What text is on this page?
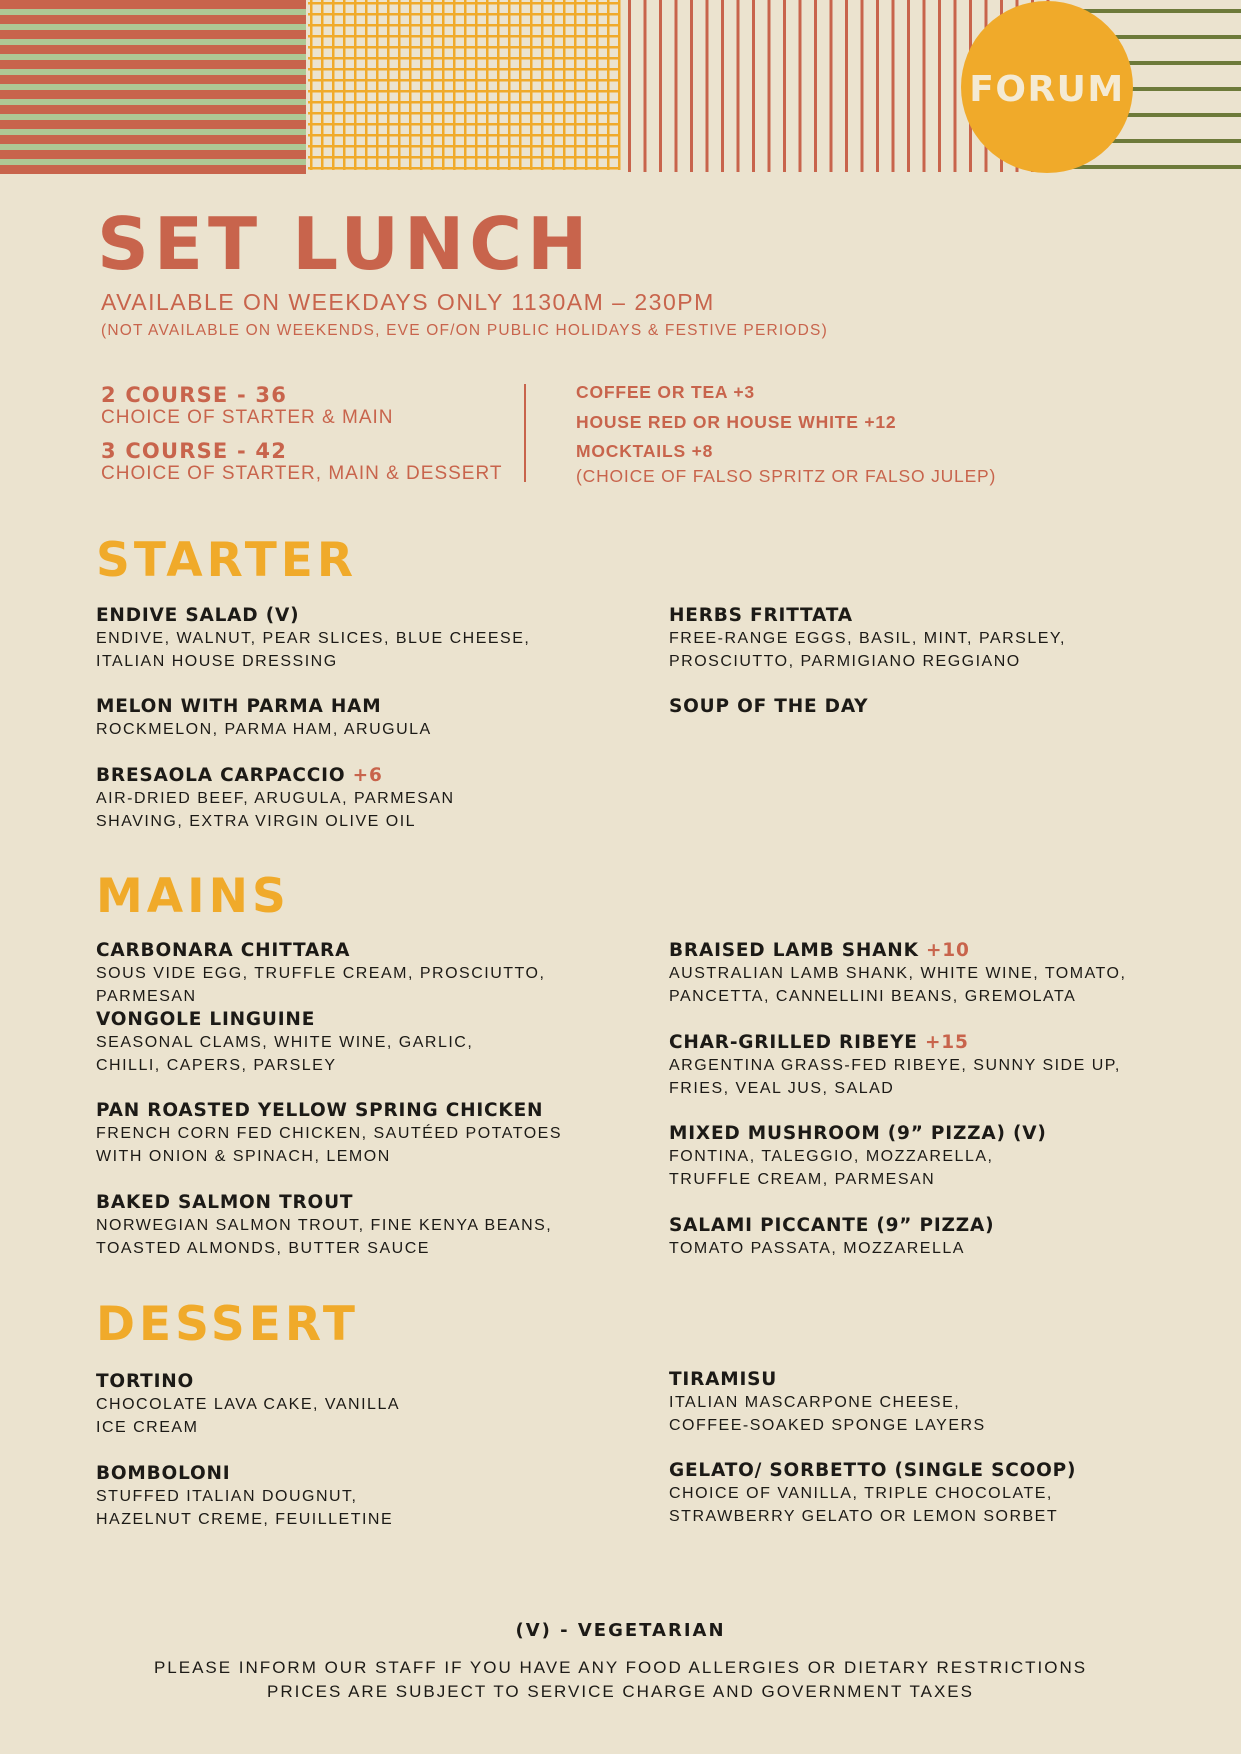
FORUM
SET LUNCH
AVAILABLE ON WEEKDAYS ONLY 1130AM – 230PM
(NOT AVAILABLE ON WEEKENDS, EVE OF/ON PUBLIC HOLIDAYS & FESTIVE PERIODS)
2 COURSE - 36
CHOICE OF STARTER & MAIN
3 COURSE - 42
CHOICE OF STARTER, MAIN & DESSERT
COFFEE OR TEA +3
HOUSE RED OR HOUSE WHITE +12
MOCKTAILS +8
(CHOICE OF FALSO SPRITZ OR FALSO JULEP)
STARTER
ENDIVE SALAD (V)
ENDIVE, WALNUT, PEAR SLICES, BLUE CHEESE,
ITALIAN HOUSE DRESSING
MELON WITH PARMA HAM
ROCKMELON, PARMA HAM, ARUGULA
BRESAOLA CARPACCIO +6
AIR-DRIED BEEF, ARUGULA, PARMESAN
SHAVING, EXTRA VIRGIN OLIVE OIL
HERBS FRITTATA
FREE-RANGE EGGS, BASIL, MINT, PARSLEY,
PROSCIUTTO, PARMIGIANO REGGIANO
SOUP OF THE DAY
MAINS
CARBONARA CHITTARA
SOUS VIDE EGG, TRUFFLE CREAM, PROSCIUTTO, PARMESAN
VONGOLE LINGUINE
SEASONAL CLAMS, WHITE WINE, GARLIC,
CHILLI, CAPERS, PARSLEY
PAN ROASTED YELLOW SPRING CHICKEN
FRENCH CORN FED CHICKEN, SAUTÉED POTATOES
WITH ONION & SPINACH, LEMON
BAKED SALMON TROUT
NORWEGIAN SALMON TROUT, FINE KENYA BEANS,
TOASTED ALMONDS, BUTTER SAUCE
BRAISED LAMB SHANK +10
AUSTRALIAN LAMB SHANK, WHITE WINE, TOMATO,
PANCETTA, CANNELLINI BEANS, GREMOLATA
CHAR-GRILLED RIBEYE +15
ARGENTINA GRASS-FED RIBEYE, SUNNY SIDE UP,
FRIES, VEAL JUS, SALAD
MIXED MUSHROOM (9” PIZZA) (V)
FONTINA, TALEGGIO, MOZZARELLA,
TRUFFLE CREAM, PARMESAN
SALAMI PICCANTE (9” PIZZA)
TOMATO PASSATA, MOZZARELLA
DESSERT
TORTINO
CHOCOLATE LAVA CAKE, VANILLA
ICE CREAM
BOMBOLONI
STUFFED ITALIAN DOUGNUT,
HAZELNUT CREME, FEUILLETINE
TIRAMISU
ITALIAN MASCARPONE CHEESE,
COFFEE-SOAKED SPONGE LAYERS
GELATO/ SORBETTO (SINGLE SCOOP)
CHOICE OF VANILLA, TRIPLE CHOCOLATE,
STRAWBERRY GELATO OR LEMON SORBET
(V) - VEGETARIAN
PLEASE INFORM OUR STAFF IF YOU HAVE ANY FOOD ALLERGIES OR DIETARY RESTRICTIONS
PRICES ARE SUBJECT TO SERVICE CHARGE AND GOVERNMENT TAXES
